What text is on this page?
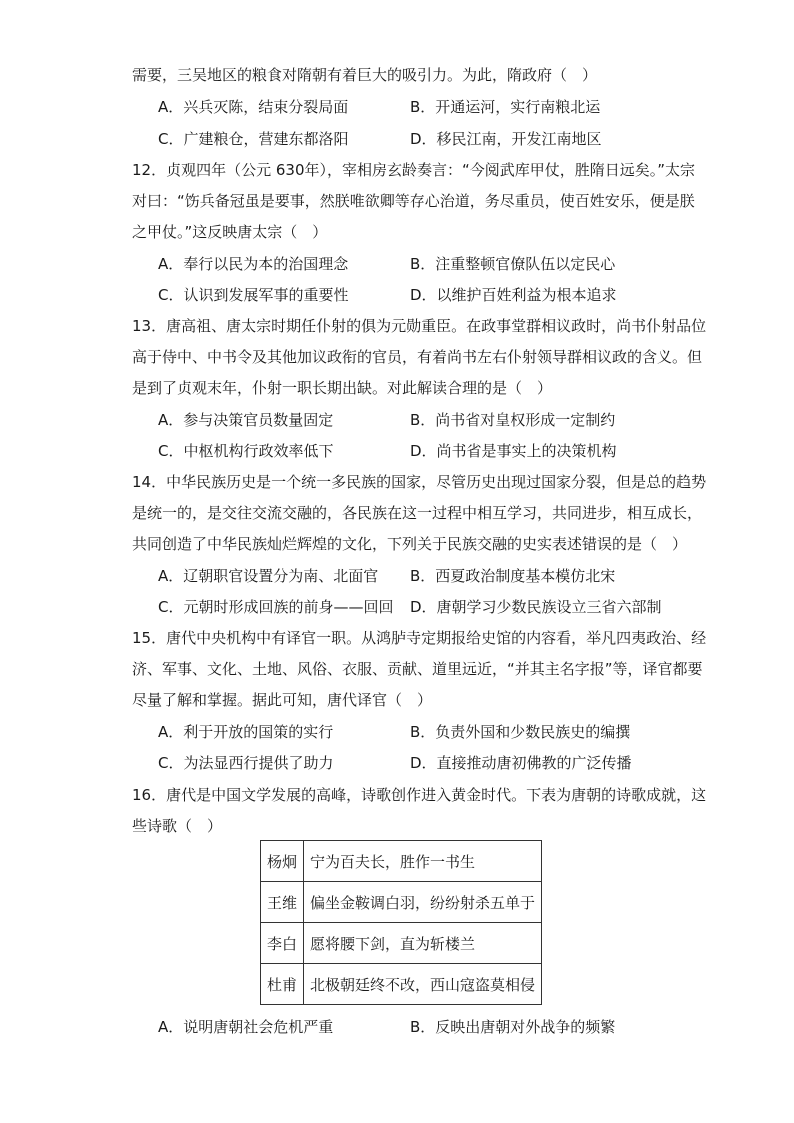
需要，三吴地区的粮食对隋朝有着巨大的吸引力。为此，隋政府（　）
A．兴兵灭陈，结束分裂局面	B．开通运河，实行南粮北运
C．广建粮仓，营建东都洛阳	D．移民江南，开发江南地区
12．贞观四年（公元 630年），宰相房玄龄奏言：“今阅武库甲仗，胜隋日远矣。”太宗
对曰：“饬兵备冠虽是要事，然朕唯欲卿等存心治道，务尽重员，使百姓安乐，便是朕
之甲仗。”这反映唐太宗（　）
A．奉行以民为本的治国理念	B．注重整顿官僚队伍以定民心
C．认识到发展军事的重要性	D．以维护百姓利益为根本追求
13．唐高祖、唐太宗时期任仆射的俱为元勋重臣。在政事堂群相议政时，尚书仆射品位
高于侍中、中书令及其他加议政衔的官员，有着尚书左右仆射领导群相议政的含义。但
是到了贞观末年，仆射一职长期出缺。对此解读合理的是（　）
A．参与决策官员数量固定	B．尚书省对皇权形成一定制约
C．中枢机构行政效率低下	D．尚书省是事实上的决策机构
14．中华民族历史是一个统一多民族的国家，尽管历史出现过国家分裂，但是总的趋势
是统一的，是交往交流交融的，各民族在这一过程中相互学习，共同进步，相互成长，
共同创造了中华民族灿烂辉煌的文化，下列关于民族交融的史实表述错误的是（　）
A．辽朝职官设置分为南、北面官 B．西夏政治制度基本模仿北宋
C．元朝时形成回族的前身——回回 D．唐朝学习少数民族设立三省六部制
15．唐代中央机构中有译官一职。从鸿胪寺定期报给史馆的内容看，举凡四夷政治、经
济、军事、文化、土地、风俗、衣服、贡献、道里远近，“并其主名字报”等，译官都要
尽量了解和掌握。据此可知，唐代译官（　）
A．利于开放的国策的实行	B．负责外国和少数民族史的编撰
C．为法显西行提供了助力	D．直接推动唐初佛教的广泛传播
16．唐代是中国文学发展的高峰，诗歌创作进入黄金时代。下表为唐朝的诗歌成就，这
些诗歌（　）
杨炯	宁为百夫长，胜作一书生
王维	偏坐金鞍调白羽，纷纷射杀五单于
李白	愿将腰下剑，直为斩楼兰
杜甫	北极朝廷终不改，西山寇盗莫相侵
A．说明唐朝社会危机严重	B．反映出唐朝对外战争的频繁
